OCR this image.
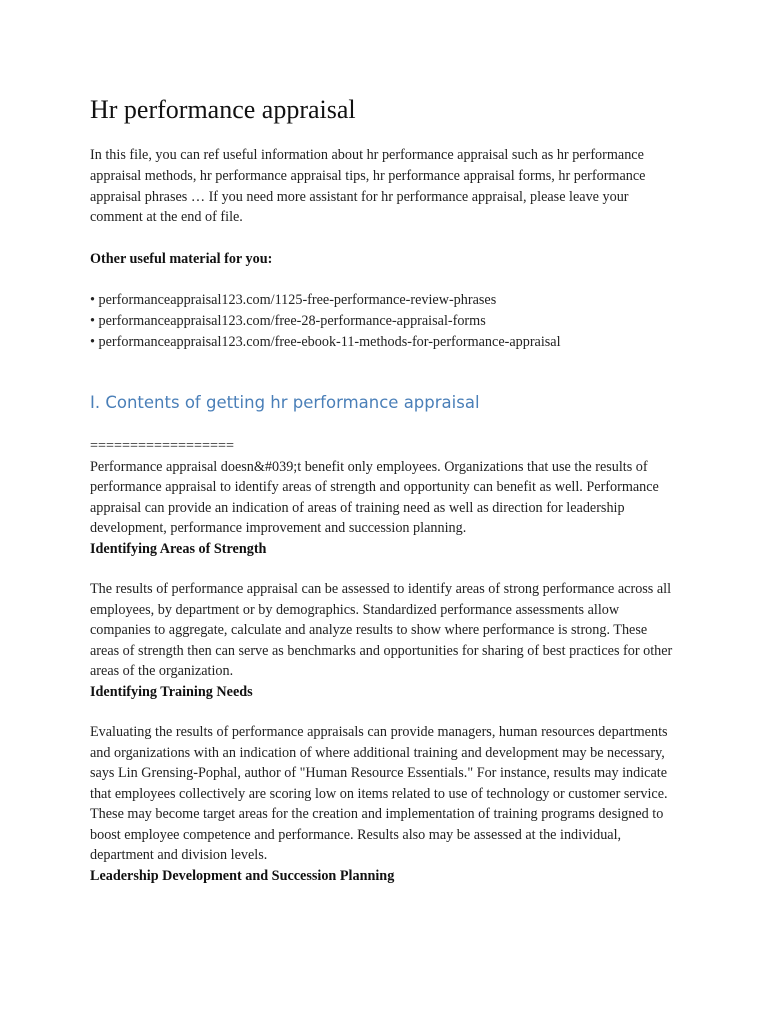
Hr performance appraisal

In this file, you can ref useful information about hr performance appraisal such as hr performance appraisal methods, hr performance appraisal tips, hr performance appraisal forms, hr performance appraisal phrases … If you need more assistant for hr performance appraisal, please leave your comment at the end of file.

Other useful material for you:

• performanceappraisal123.com/1125-free-performance-review-phrases
• performanceappraisal123.com/free-28-performance-appraisal-forms
• performanceappraisal123.com/free-ebook-11-methods-for-performance-appraisal
I. Contents of getting hr performance appraisal

==================

Performance appraisal doesn&#039;t benefit only employees. Organizations that use the results of performance appraisal to identify areas of strength and opportunity can benefit as well. Performance appraisal can provide an indication of areas of training need as well as direction for leadership development, performance improvement and succession planning.

Identifying Areas of Strength

The results of performance appraisal can be assessed to identify areas of strong performance across all employees, by department or by demographics. Standardized performance assessments allow companies to aggregate, calculate and analyze results to show where performance is strong. These areas of strength then can serve as benchmarks and opportunities for sharing of best practices for other areas of the organization.

Identifying Training Needs

Evaluating the results of performance appraisals can provide managers, human resources departments and organizations with an indication of where additional training and development may be necessary, says Lin Grensing-Pophal, author of "Human Resource Essentials." For instance, results may indicate that employees collectively are scoring low on items related to use of technology or customer service. These may become target areas for the creation and implementation of training programs designed to boost employee competence and performance. Results also may be assessed at the individual, department and division levels.

Leadership Development and Succession Planning
